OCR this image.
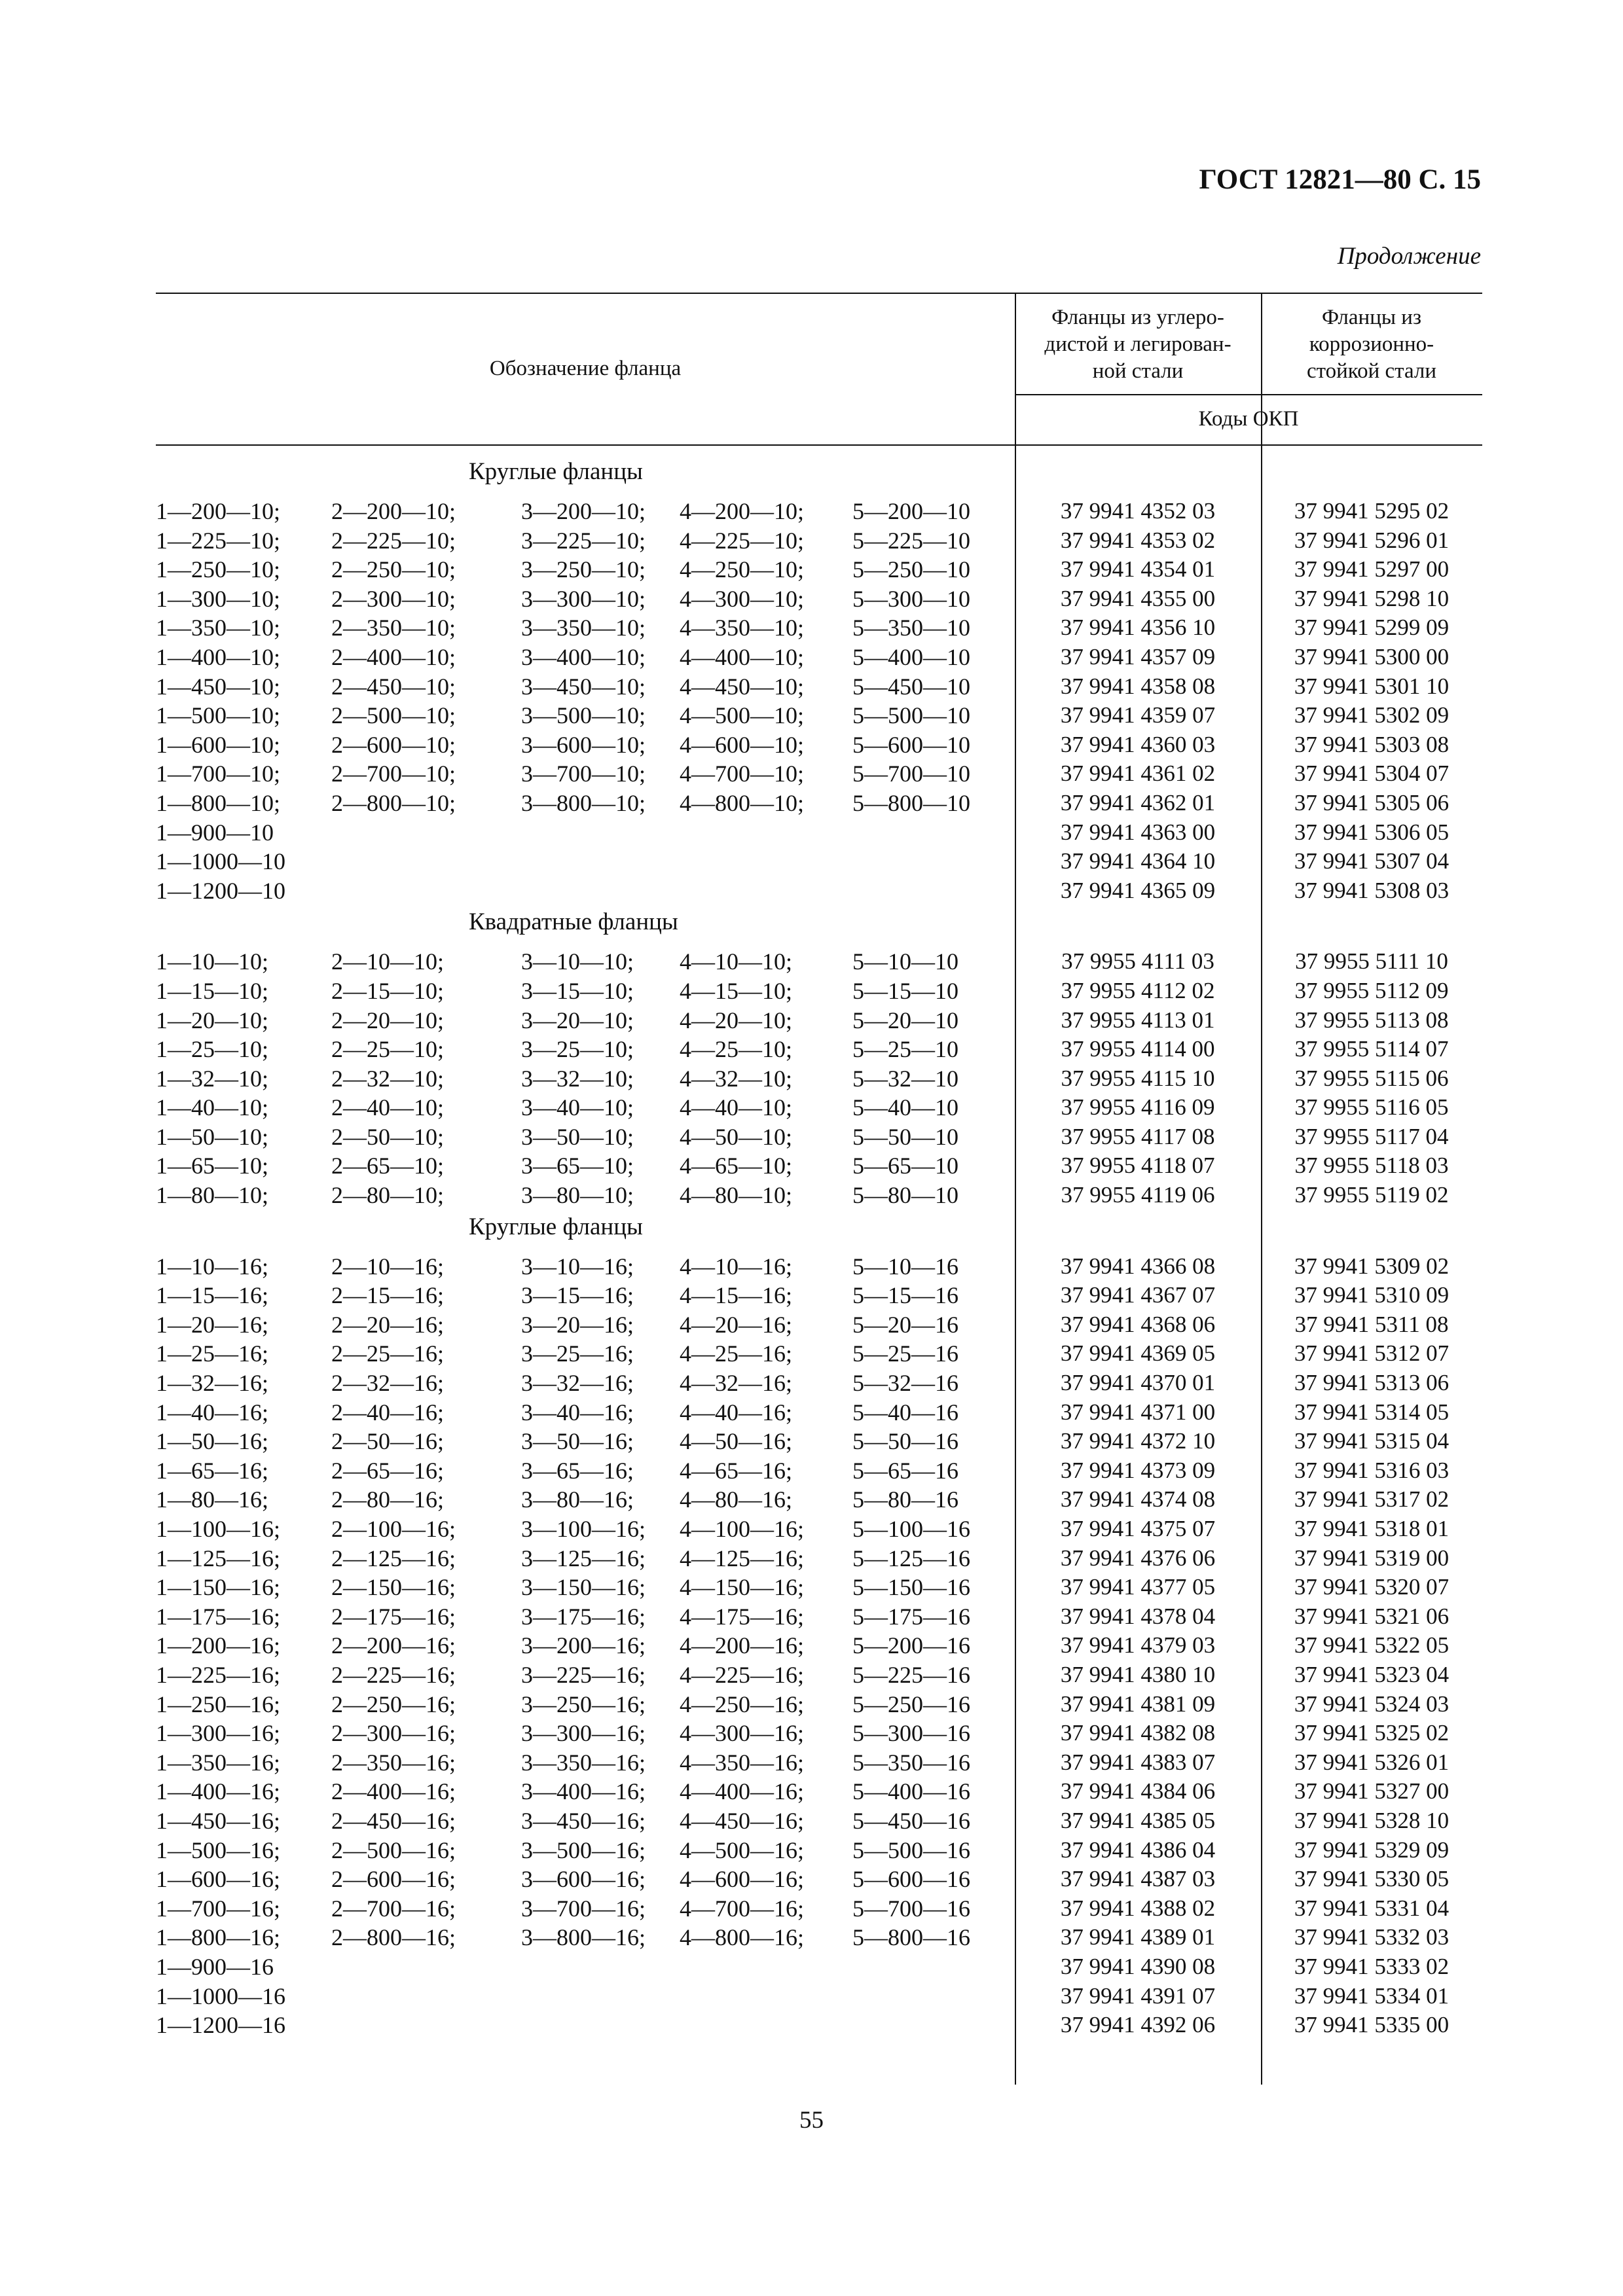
ГОСТ 12821—80 С. 15
Продолжение
Обозначение фланца
Фланцы из углеро-
дистой и легирован-
ной стали
Фланцы из
коррозионно-
стойкой стали
Коды ОКП
Круглые фланцы
1—200—10; 2—200—10;	3—200—10; 4—200—10; 5—200—10	37 9941 4352 03	37 9941 5295 02
1—225—10; 2—225—10;	3—225—10; 4—225—10; 5—225—10	37 9941 4353 02	37 9941 5296 01
1—250—10; 2—250—10;	3—250—10; 4—250—10; 5—250—10	37 9941 4354 01	37 9941 5297 00
1—300—10; 2—300—10;	3—300—10; 4—300—10; 5—300—10	37 9941 4355 00	37 9941 5298 10
1—350—10; 2—350—10;	3—350—10; 4—350—10; 5—350—10	37 9941 4356 10	37 9941 5299 09
1—400—10; 2—400—10;	3—400—10; 4—400—10; 5—400—10	37 9941 4357 09	37 9941 5300 00
1—450—10; 2—450—10;	3—450—10; 4—450—10; 5—450—10	37 9941 4358 08	37 9941 5301 10
1—500—10; 2—500—10;	3—500—10; 4—500—10; 5—500—10	37 9941 4359 07	37 9941 5302 09
1—600—10; 2—600—10;	3—600—10; 4—600—10; 5—600—10	37 9941 4360 03	37 9941 5303 08
1—700—10; 2—700—10;	3—700—10; 4—700—10; 5—700—10	37 9941 4361 02	37 9941 5304 07
1—800—10; 2—800—10;	3—800—10; 4—800—10; 5—800—10	37 9941 4362 01	37 9941 5305 06
1—900—10	37 9941 4363 00	37 9941 5306 05
1—1000—10	37 9941 4364 10	37 9941 5307 04
1—1200—10	37 9941 4365 09	37 9941 5308 03
Квадратные фланцы
1—10—10;	2—10—10;	3—10—10; 4—10—10;	5—10—10	37 9955 4111 03	37 9955 5111 10
1—15—10;	2—15—10;	3—15—10; 4—15—10;	5—15—10	37 9955 4112 02	37 9955 5112 09
1—20—10;	2—20—10;	3—20—10; 4—20—10;	5—20—10	37 9955 4113 01	37 9955 5113 08
1—25—10;	2—25—10;	3—25—10; 4—25—10;	5—25—10	37 9955 4114 00	37 9955 5114 07
1—32—10;	2—32—10;	3—32—10; 4—32—10;	5—32—10	37 9955 4115 10	37 9955 5115 06
1—40—10;	2—40—10;	3—40—10; 4—40—10;	5—40—10	37 9955 4116 09	37 9955 5116 05
1—50—10;	2—50—10;	3—50—10; 4—50—10;	5—50—10	37 9955 4117 08	37 9955 5117 04
1—65—10;	2—65—10;	3—65—10; 4—65—10;	5—65—10	37 9955 4118 07	37 9955 5118 03
1—80—10;	2—80—10;	3—80—10; 4—80—10;	5—80—10	37 9955 4119 06	37 9955 5119 02
Круглые фланцы
1—10—16;	2—10—16;	3—10—16; 4—10—16;	5—10—16	37 9941 4366 08	37 9941 5309 02
1—15—16;	2—15—16;	3—15—16; 4—15—16;	5—15—16	37 9941 4367 07	37 9941 5310 09
1—20—16;	2—20—16;	3—20—16; 4—20—16;	5—20—16	37 9941 4368 06	37 9941 5311 08
1—25—16;	2—25—16;	3—25—16; 4—25—16;	5—25—16	37 9941 4369 05	37 9941 5312 07
1—32—16;	2—32—16;	3—32—16; 4—32—16;	5—32—16	37 9941 4370 01	37 9941 5313 06
1—40—16;	2—40—16;	3—40—16; 4—40—16;	5—40—16	37 9941 4371 00	37 9941 5314 05
1—50—16;	2—50—16;	3—50—16; 4—50—16;	5—50—16	37 9941 4372 10	37 9941 5315 04
1—65—16;	2—65—16;	3—65—16; 4—65—16;	5—65—16	37 9941 4373 09	37 9941 5316 03
1—80—16;	2—80—16;	3—80—16; 4—80—16;	5—80—16	37 9941 4374 08	37 9941 5317 02
1—100—16; 2—100—16;	3—100—16; 4—100—16; 5—100—16	37 9941 4375 07	37 9941 5318 01
1—125—16; 2—125—16;	3—125—16; 4—125—16; 5—125—16	37 9941 4376 06	37 9941 5319 00
1—150—16; 2—150—16;	3—150—16; 4—150—16; 5—150—16	37 9941 4377 05	37 9941 5320 07
1—175—16; 2—175—16;	3—175—16; 4—175—16; 5—175—16	37 9941 4378 04	37 9941 5321 06
1—200—16; 2—200—16;	3—200—16; 4—200—16; 5—200—16	37 9941 4379 03	37 9941 5322 05
1—225—16; 2—225—16;	3—225—16; 4—225—16; 5—225—16	37 9941 4380 10	37 9941 5323 04
1—250—16; 2—250—16;	3—250—16; 4—250—16; 5—250—16	37 9941 4381 09	37 9941 5324 03
1—300—16; 2—300—16;	3—300—16; 4—300—16; 5—300—16	37 9941 4382 08	37 9941 5325 02
1—350—16; 2—350—16;	3—350—16; 4—350—16; 5—350—16	37 9941 4383 07	37 9941 5326 01
1—400—16; 2—400—16;	3—400—16; 4—400—16; 5—400—16	37 9941 4384 06	37 9941 5327 00
1—450—16; 2—450—16;	3—450—16; 4—450—16; 5—450—16	37 9941 4385 05	37 9941 5328 10
1—500—16; 2—500—16;	3—500—16; 4—500—16; 5—500—16	37 9941 4386 04	37 9941 5329 09
1—600—16; 2—600—16;	3—600—16; 4—600—16; 5—600—16	37 9941 4387 03	37 9941 5330 05
1—700—16; 2—700—16;	3—700—16; 4—700—16; 5—700—16	37 9941 4388 02	37 9941 5331 04
1—800—16; 2—800—16;	3—800—16; 4—800—16; 5—800—16	37 9941 4389 01	37 9941 5332 03
1—900—16	37 9941 4390 08	37 9941 5333 02
1—1000—16	37 9941 4391 07	37 9941 5334 01
1—1200—16	37 9941 4392 06	37 9941 5335 00
55
